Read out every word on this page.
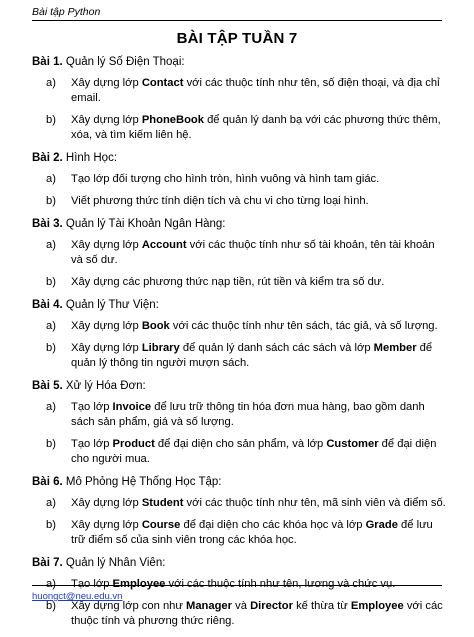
Bài tập Python
BÀI TẬP TUẦN 7
Bài 1. Quản lý Số Điện Thoại:
a) Xây dựng lớp Contact với các thuộc tính như tên, số điện thoại, và địa chỉ email.
b) Xây dựng lớp PhoneBook để quản lý danh bạ với các phương thức thêm, xóa, và tìm kiếm liên hệ.
Bài 2. Hình Học:
a) Tạo lớp đối tượng cho hình tròn, hình vuông và hình tam giác.
b) Viết phương thức tính diện tích và chu vi cho từng loại hình.
Bài 3. Quản lý Tài Khoản Ngân Hàng:
a) Xây dựng lớp Account với các thuộc tính như số tài khoản, tên tài khoản và số dư.
b) Xây dựng các phương thức nạp tiền, rút tiền và kiểm tra số dư.
Bài 4. Quản lý Thư Viện:
a) Xây dựng lớp Book với các thuộc tính như tên sách, tác giả, và số lượng.
b) Xây dựng lớp Library để quản lý danh sách các sách và lớp Member để quản lý thông tin người mượn sách.
Bài 5. Xử lý Hóa Đơn:
a) Tạo lớp Invoice để lưu trữ thông tin hóa đơn mua hàng, bao gồm danh sách sản phẩm, giá và số lượng.
b) Tạo lớp Product để đại diện cho sản phẩm, và lớp Customer để đại diện cho người mua.
Bài 6. Mô Phỏng Hệ Thống Học Tập:
a) Xây dựng lớp Student với các thuộc tính như tên, mã sinh viên và điểm số.
b) Xây dựng lớp Course để đại diện cho các khóa học và lớp Grade để lưu trữ điểm số của sinh viên trong các khóa học.
Bài 7. Quản lý Nhân Viên:
a) Tạo lớp Employee với các thuộc tính như tên, lương và chức vụ.
b) Xây dựng lớp con như Manager và Director kế thừa từ Employee với các thuộc tính và phương thức riêng.
huongct@neu.edu.vn
